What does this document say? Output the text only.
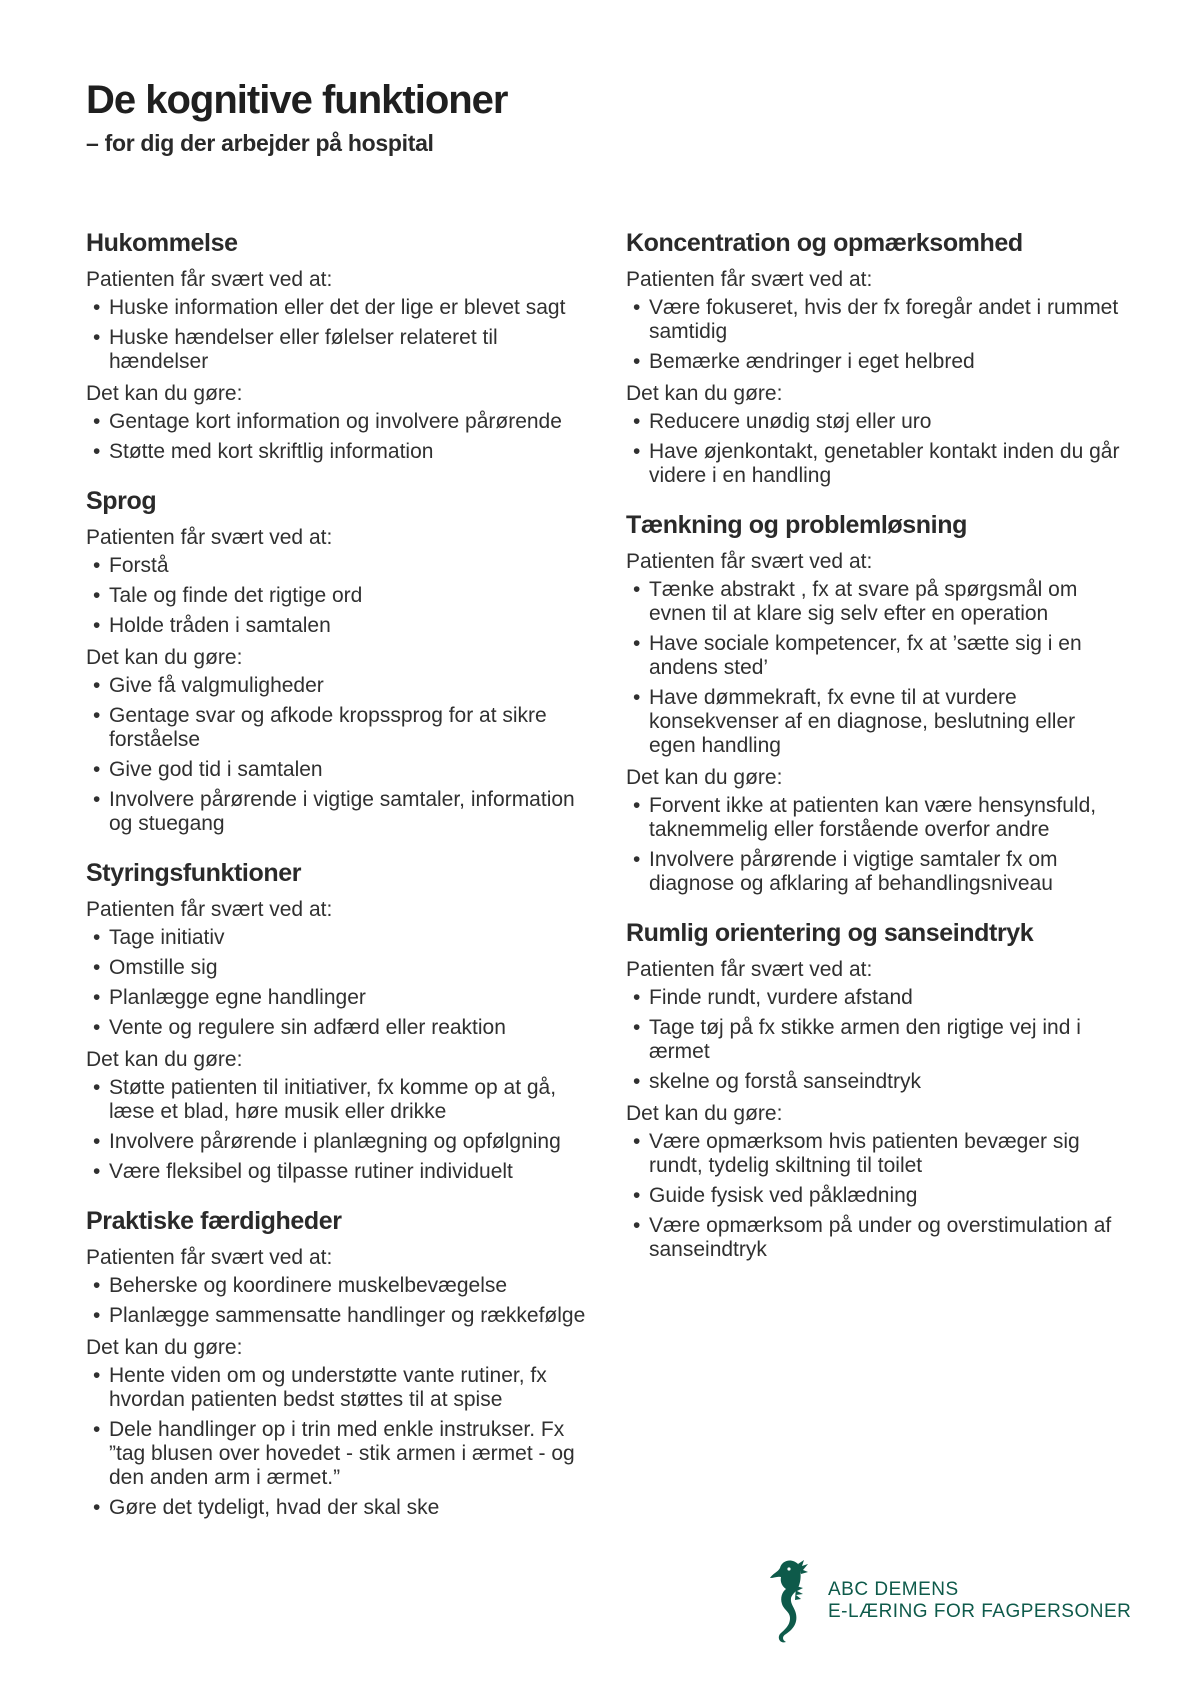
De kognitive funktioner

– for dig der arbejder på hospital

Hukommelse

Patienten får svært ved at:

• Huske information eller det der lige er blevet sagt
• Huske hændelser eller følelser relateret til hændelser

Det kan du gøre:

• Gentage kort information og involvere pårørende
• Støtte med kort skriftlig information
Sprog

Patienten får svært ved at:

• Forstå
• Tale og finde det rigtige ord
• Holde tråden i samtalen

Det kan du gøre:

• Give få valgmuligheder
• Gentage svar og afkode kropssprog for at sikre forståelse
• Give god tid i samtalen
• Involvere pårørende i vigtige samtaler, information og stuegang
Styringsfunktioner

Patienten får svært ved at:

• Tage initiativ
• Omstille sig
• Planlægge egne handlinger
• Vente og regulere sin adfærd eller reaktion

Det kan du gøre:

• Støtte patienten til initiativer, fx komme op at gå, læse et blad, høre musik eller drikke
• Involvere pårørende i planlægning og opfølgning
• Være fleksibel og tilpasse rutiner individuelt
Praktiske færdigheder

Patienten får svært ved at:

• Beherske og koordinere muskelbevægelse
• Planlægge sammensatte handlinger og rækkefølge

Det kan du gøre:

• Hente viden om og understøtte vante rutiner, fx hvordan patienten bedst støttes til at spise
• Dele handlinger op i trin med enkle instrukser. Fx ”tag blusen over hovedet - stik armen i ærmet - og den anden arm i ærmet.”
• Gøre det tydeligt, hvad der skal ske
Koncentration og opmærksomhed

Patienten får svært ved at:

• Være fokuseret, hvis der fx foregår andet i rummet samtidig
• Bemærke ændringer i eget helbred

Det kan du gøre:

• Reducere unødig støj eller uro
• Have øjenkontakt, genetabler kontakt inden du går videre i en handling
Tænkning og problemløsning

Patienten får svært ved at:

• Tænke abstrakt , fx at svare på spørgsmål om evnen til at klare sig selv efter en operation
• Have sociale kompetencer, fx at ’sætte sig i en andens sted’
• Have dømmekraft, fx evne til at vurdere konsekvenser af en diagnose, beslutning eller egen handling

Det kan du gøre:

• Forvent ikke at patienten kan være hensynsfuld, taknemmelig eller forstående overfor andre
• Involvere pårørende i vigtige samtaler fx om diagnose og afklaring af behandlingsniveau
Rumlig orientering og sanseindtryk

Patienten får svært ved at:

• Finde rundt, vurdere afstand
• Tage tøj på fx stikke armen den rigtige vej ind i ærmet
• skelne og forstå sanseindtryk

Det kan du gøre:

• Være opmærksom hvis patienten bevæger sig rundt, tydelig skiltning til toilet
• Guide fysisk ved påklædning
• Være opmærksom på under og overstimulation af sanseindtryk
ABC DEMENS
E-LÆRING FOR FAGPERSONER
